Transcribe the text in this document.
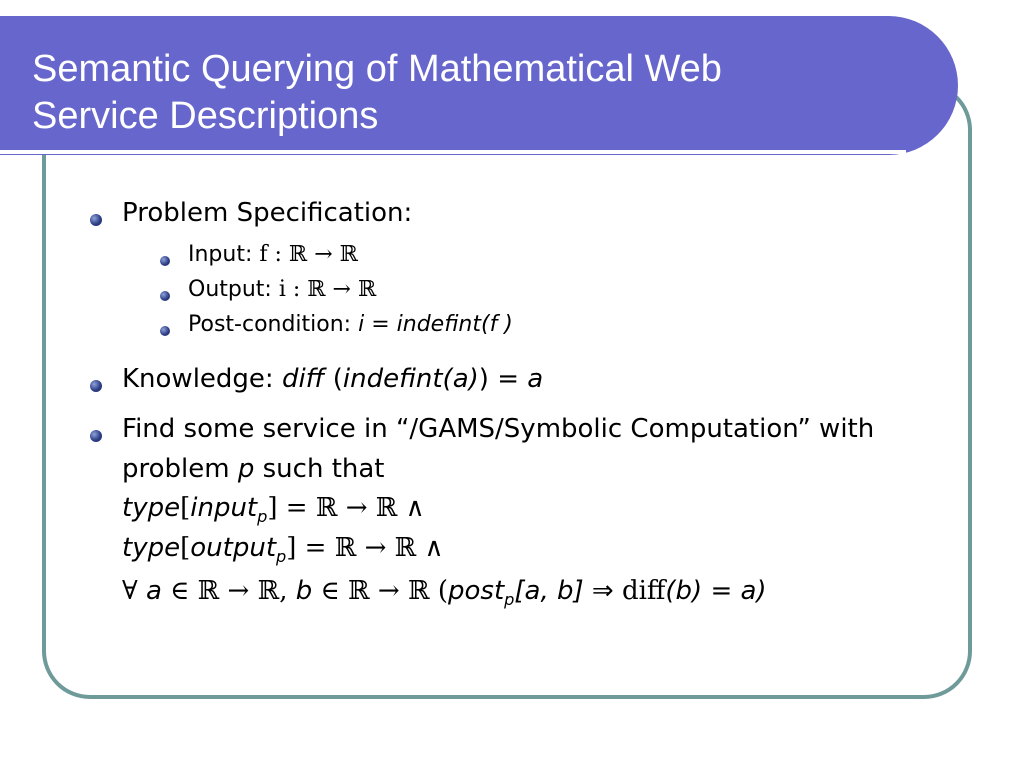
Semantic Querying of Mathematical Web
Service Descriptions
Problem Specification:
Input: f : ℝ → ℝ
Output: i : ℝ → ℝ
Post-condition: i = indefint(f )
Knowledge: diff (indefint(a)) = a
Find some service in “/GAMS/Symbolic Computation” with
problem p such that
type[input$_p$] = ℝ → ℝ ∧
type[output$_p$] = ℝ → ℝ ∧
∀ a ∈ ℝ → ℝ, b ∈ ℝ → ℝ (post$_p$[a, b] ⇒ diff(b) = a)
